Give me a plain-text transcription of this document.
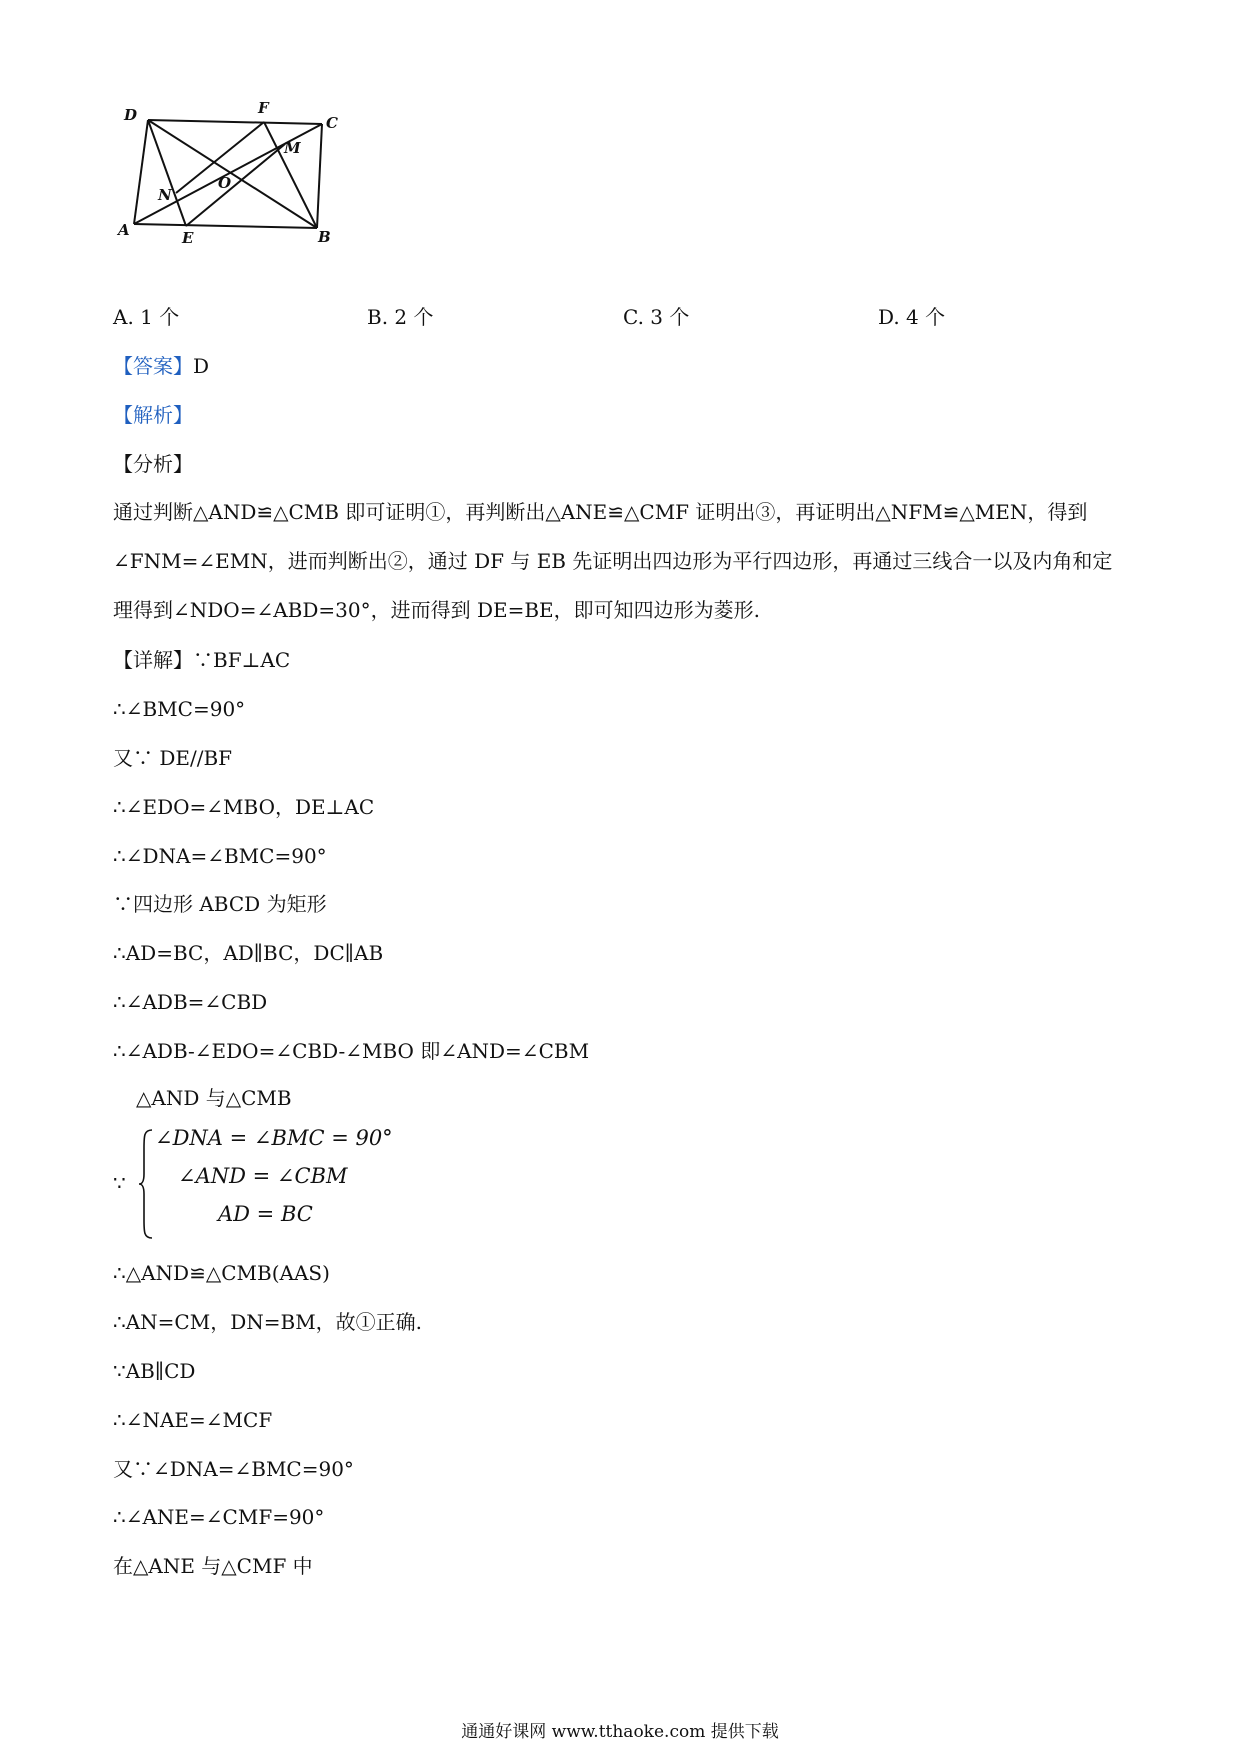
D	F
C
M
N
O
A	E	B
A. 1 个	B. 2 个	C. 3 个	D. 4 个
【答案】D
【解析】
【分析】
通过判断△AND≌△CMB 即可证明①，再判断出△ANE≌△CMF 证明出③，再证明出△NFM≌△MEN，得到∠FNM=∠EMN，进而判断出②，通过 DF 与 EB 先证明出四边形为平行四边形，再通过三线合一以及内角和定理得到∠NDO=∠ABD=30°，进而得到 DE=BE，即可知四边形为菱形.
【详解】∵BF⊥AC
∴∠BMC=90°
又∵ DE//BF
∴∠EDO=∠MBO，DE⊥AC
∴∠DNA=∠BMC=90°
∵四边形 ABCD 为矩形
∴AD=BC，AD∥BC，DC∥AB
∴∠ADB=∠CBD
∴∠ADB-∠EDO=∠CBD-∠MBO 即∠AND=∠CBM
△AND 与△CMB
∵
∠DNA = ∠BMC = 90°
∠AND = ∠CBM
AD = BC
∴△AND≌△CMB(AAS)
∴AN=CM，DN=BM，故①正确.
∵AB∥CD
∴∠NAE=∠MCF
又∵∠DNA=∠BMC=90°
∴∠ANE=∠CMF=90°
在△ANE 与△CMF 中
通通好课网 www.tthaoke.com 提供下载
